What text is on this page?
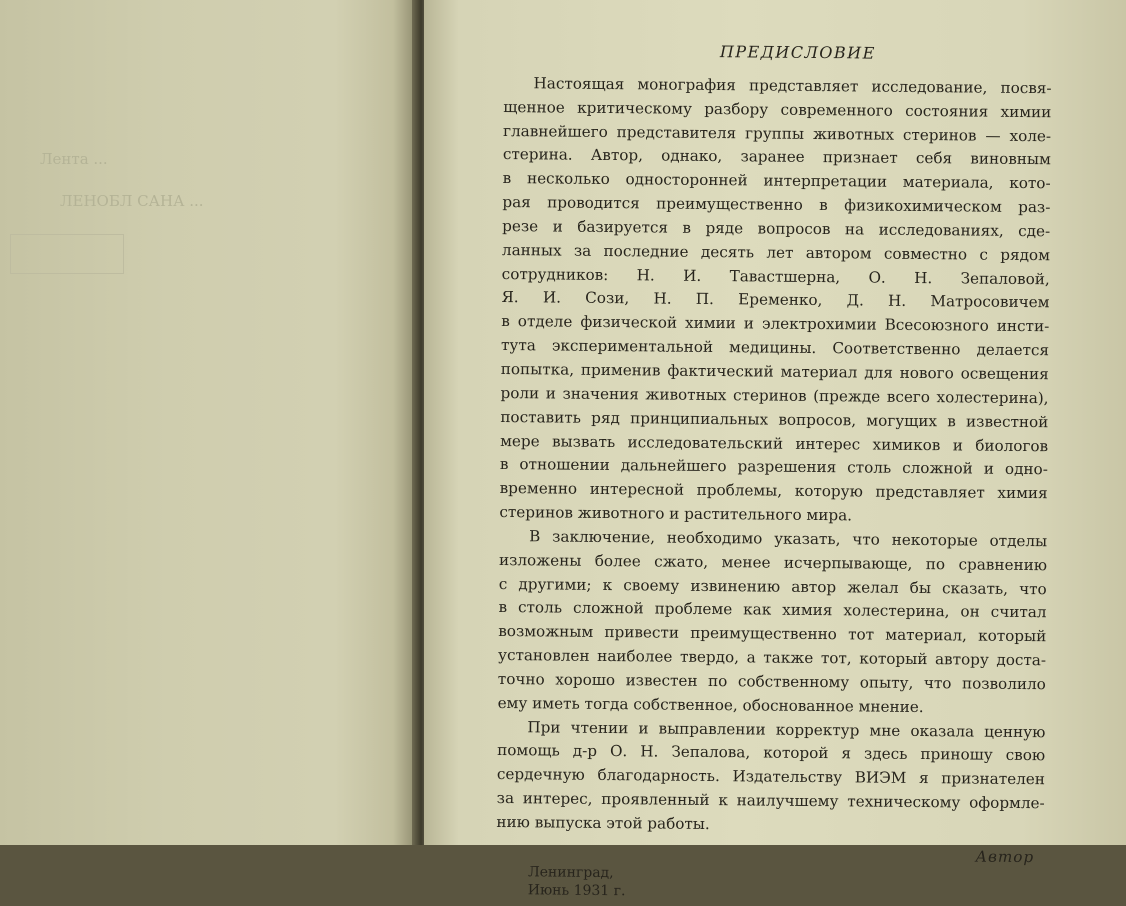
Лента ...
ЛЕНОБЛ САНА ...
ПРЕДИСЛОВИЕ
Настоящая монография представляет исследование, посвя-
щенное критическому разбору современного состояния химии
главнейшего представителя группы животных стеринов — холе-
стерина. Автор, однако, заранее признает себя виновным
в несколько односторонней интерпретации материала, кото-
рая проводится преимущественно в физикохимическом раз-
резе и базируется в ряде вопросов на исследованиях, сде-
ланных за последние десять лет автором совместно с рядом
сотрудников: Н. И. Тавастшерна, О. Н. Зепаловой,
Я. И. Сози, Н. П. Еременко, Д. Н. Матросовичем
в отделе физической химии и электрохимии Всесоюзного инсти-
тута экспериментальной медицины. Соответственно делается
попытка, применив фактический материал для нового освещения
роли и значения животных стеринов (прежде всего холестерина),
поставить ряд принципиальных вопросов, могущих в известной
мере вызвать исследовательский интерес химиков и биологов
в отношении дальнейшего разрешения столь сложной и одно-
временно интересной проблемы, которую представляет химия
стеринов животного и растительного мира.
В заключение, необходимо указать, что некоторые отделы
изложены более сжато, менее исчерпывающе, по сравнению
с другими; к своему извинению автор желал бы сказать, что
в столь сложной проблеме как химия холестерина, он считал
возможным привести преимущественно тот материал, который
установлен наиболее твердо, а также тот, который автору доста-
точно хорошо известен по собственному опыту, что позволило
ему иметь тогда собственное, обоснованное мнение.
При чтении и выправлении корректур мне оказала ценную
помощь д-р О. Н. Зепалова, которой я здесь приношу свою
сердечную благодарность. Издательству ВИЭМ я признателен
за интерес, проявленный к наилучшему техническому оформле-
нию выпуска этой работы.
Автор
Ленинград,
Июнь 1931 г.
